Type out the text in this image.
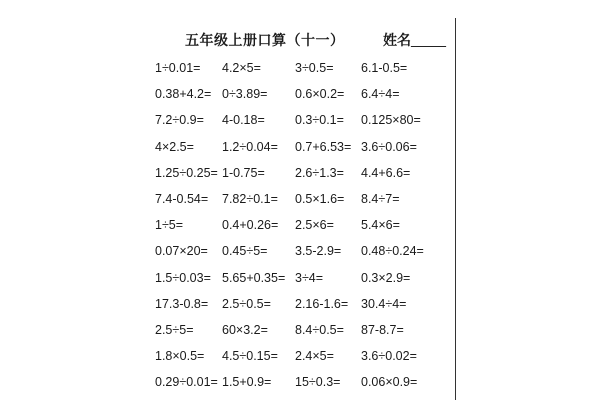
五年级上册口算（十一）	姓名_____
1÷0.01= 4.2×5=	3÷0.5= 6.1-0.5=
0.38+4.2= 0÷3.89= 0.6×0.2= 6.4÷4=
7.2÷0.9= 4-0.18= 0.3÷0.1= 0.125×80=
4×2.5= 1.2÷0.04= 0.7+6.53= 3.6÷0.06=
1.25÷0.25= 1-0.75= 2.6÷1.3= 4.4+6.6=
7.4-0.54= 7.82÷0.1= 0.5×1.6= 8.4÷7=
1÷5=	0.4+0.26= 2.5×6= 5.4×6=
0.07×20= 0.45÷5= 3.5-2.9= 0.48÷0.24=
1.5÷0.03= 5.65+0.35= 3÷4=	0.3×2.9=
17.3-0.8= 2.5÷0.5= 2.16-1.6= 30.4÷4=
2.5÷5= 60×3.2= 8.4÷0.5= 87-8.7=
1.8×0.5= 4.5÷0.15= 2.4×5= 3.6÷0.02=
0.29÷0.01= 1.5+0.9= 15÷0.3= 0.06×0.9=
